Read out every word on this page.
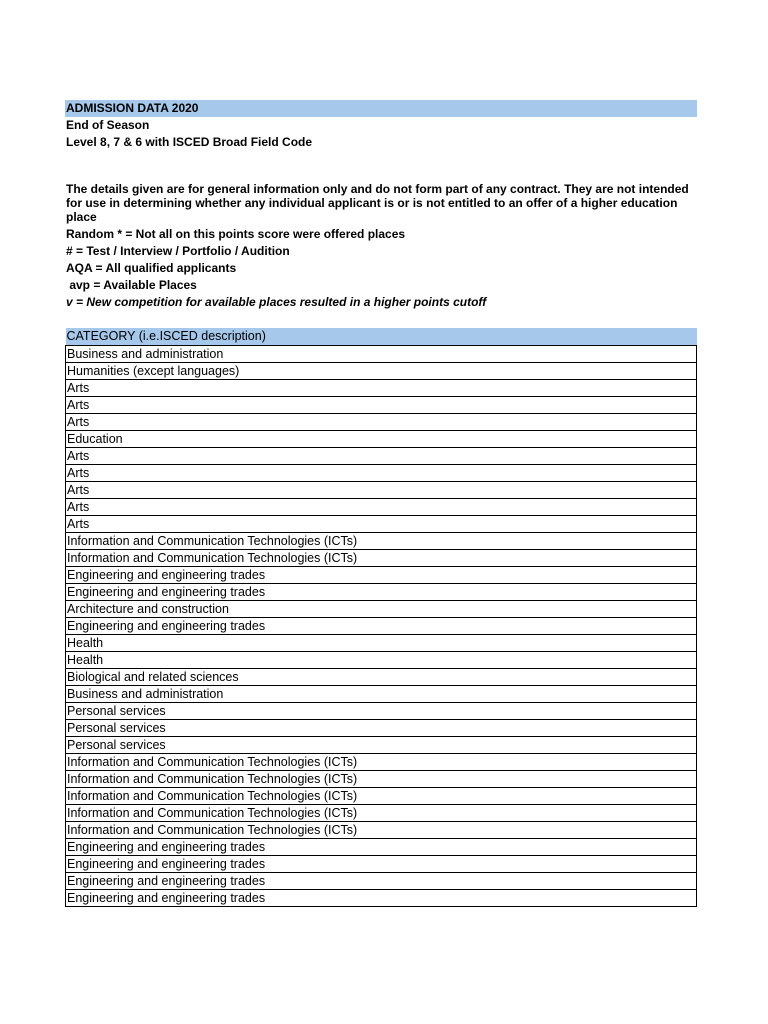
ADMISSION DATA 2020
End of Season
Level 8, 7 & 6 with ISCED Broad Field Code
The details given are for general information only and do not form part of any contract. They are not intended for use in determining whether any individual applicant is or is not entitled to an offer of a higher education place
Random * = Not all on this points score were offered places
# = Test / Interview / Portfolio / Audition
AQA = All qualified applicants
avp = Available Places
v = New competition for available places resulted in a higher points cutoff
CATEGORY (i.e.ISCED description)
Business and administration
Humanities (except languages)
Arts
Arts
Arts
Education
Arts
Arts
Arts
Arts
Arts
Information and Communication Technologies (ICTs)
Information and Communication Technologies (ICTs)
Engineering and engineering trades
Engineering and engineering trades
Architecture and construction
Engineering and engineering trades
Health
Health
Biological and related sciences
Business and administration
Personal services
Personal services
Personal services
Information and Communication Technologies (ICTs)
Information and Communication Technologies (ICTs)
Information and Communication Technologies (ICTs)
Information and Communication Technologies (ICTs)
Information and Communication Technologies (ICTs)
Engineering and engineering trades
Engineering and engineering trades
Engineering and engineering trades
Engineering and engineering trades
